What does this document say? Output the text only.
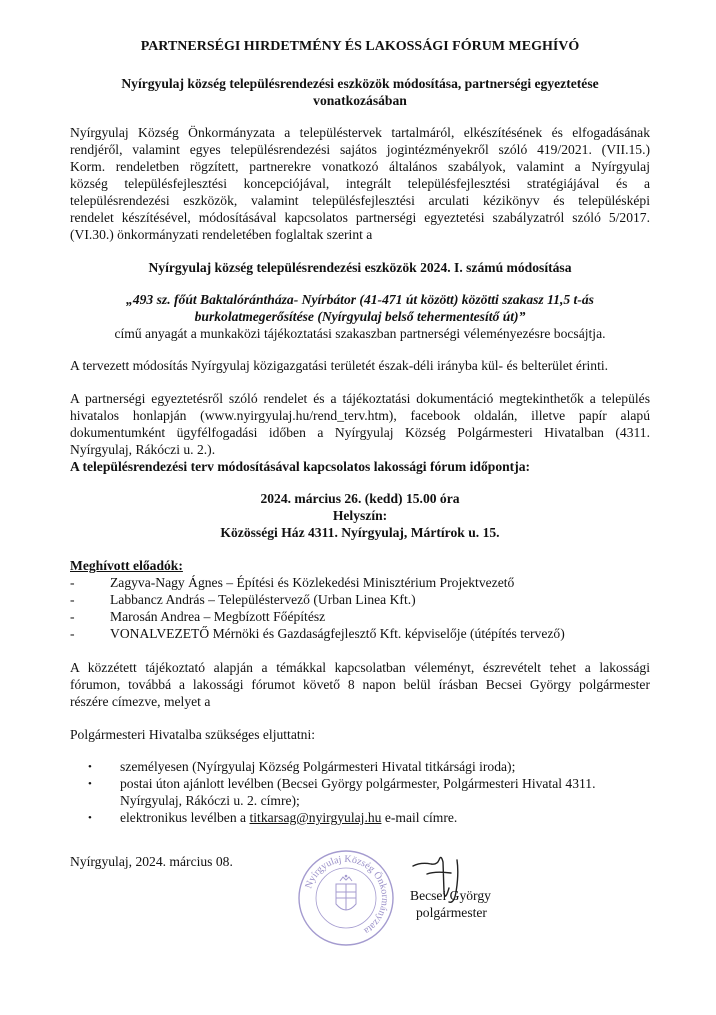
PARTNERSÉGI HIRDETMÉNY ÉS LAKOSSÁGI FÓRUM MEGHÍVÓ
Nyírgyulaj község településrendezési eszközök módosítása, partnerségi egyeztetése
vonatkozásában
Nyírgyulaj Község Önkormányzata a településtervek tartalmáról, elkészítésének és elfogadásának
rendjéről, valamint egyes településrendezési sajátos jogintézményekről szóló 419/2021. (VII.15.)
Korm. rendeletben rögzített, partnerekre vonatkozó általános szabályok, valamint a Nyírgyulaj
község településfejlesztési koncepciójával, integrált településfejlesztési stratégiájával és a
településrendezési eszközök, valamint településfejlesztési arculati kézikönyv és településképi
rendelet készítésével, módosításával kapcsolatos partnerségi egyeztetési szabályzatról szóló 5/2017.
(VI.30.) önkormányzati rendeletében foglaltak szerint a
Nyírgyulaj község településrendezési eszközök 2024. I. számú módosítása
„493 sz. főút Baktalórántháza- Nyírbátor (41-471 út között) közötti szakasz 11,5 t-ás
burkolatmegerősítése (Nyírgyulaj belső tehermentesítő út)”
című anyagát a munkaközi tájékoztatási szakaszban partnerségi véleményezésre bocsájtja.
A tervezett módosítás Nyírgyulaj közigazgatási területét észak-déli irányba kül- és belterület érinti.
A partnerségi egyeztetésről szóló rendelet és a tájékoztatási dokumentáció megtekinthetők a település
hivatalos honlapján (www.nyirgyulaj.hu/rend_terv.htm), facebook oldalán, illetve papír alapú
dokumentumként ügyfélfogadási időben a Nyírgyulaj Község Polgármesteri Hivatalban (4311.
Nyírgyulaj, Rákóczi u. 2.).
A településrendezési terv módosításával kapcsolatos lakossági fórum időpontja:
2024. március 26. (kedd) 15.00 óra
Helyszín:
Közösségi Ház 4311. Nyírgyulaj, Mártírok u. 15.
Meghívott előadók:
-	Zagyva-Nagy Ágnes – Építési és Közlekedési Minisztérium Projektvezető
-	Labbancz András – Településtervező (Urban Linea Kft.)
-	Marosán Andrea – Megbízott Főépítész
-	VONALVEZETŐ Mérnöki és Gazdaságfejlesztő Kft. képviselője (útépítés tervező)
A közzétett tájékoztató alapján a témákkal kapcsolatban véleményt, észrevételt tehet a lakossági
fórumon, továbbá a lakossági fórumot követő 8 napon belül írásban Becsei György polgármester
részére címezve, melyet a
Polgármesteri Hivatalba szükséges eljuttatni:
• személyesen (Nyírgyulaj Község Polgármesteri Hivatal titkársági iroda);
• postai úton ajánlott levélben (Becsei György polgármester, Polgármesteri Hivatal 4311.
Nyírgyulaj, Rákóczi u. 2. címre);
• elektronikus levélben a titkarsag@nyirgyulaj.hu e-mail címre.
Nyírgyulaj, 2024. március 08.
Nyírgyulaj Község Önkormányzata
Becsei György
polgármester
